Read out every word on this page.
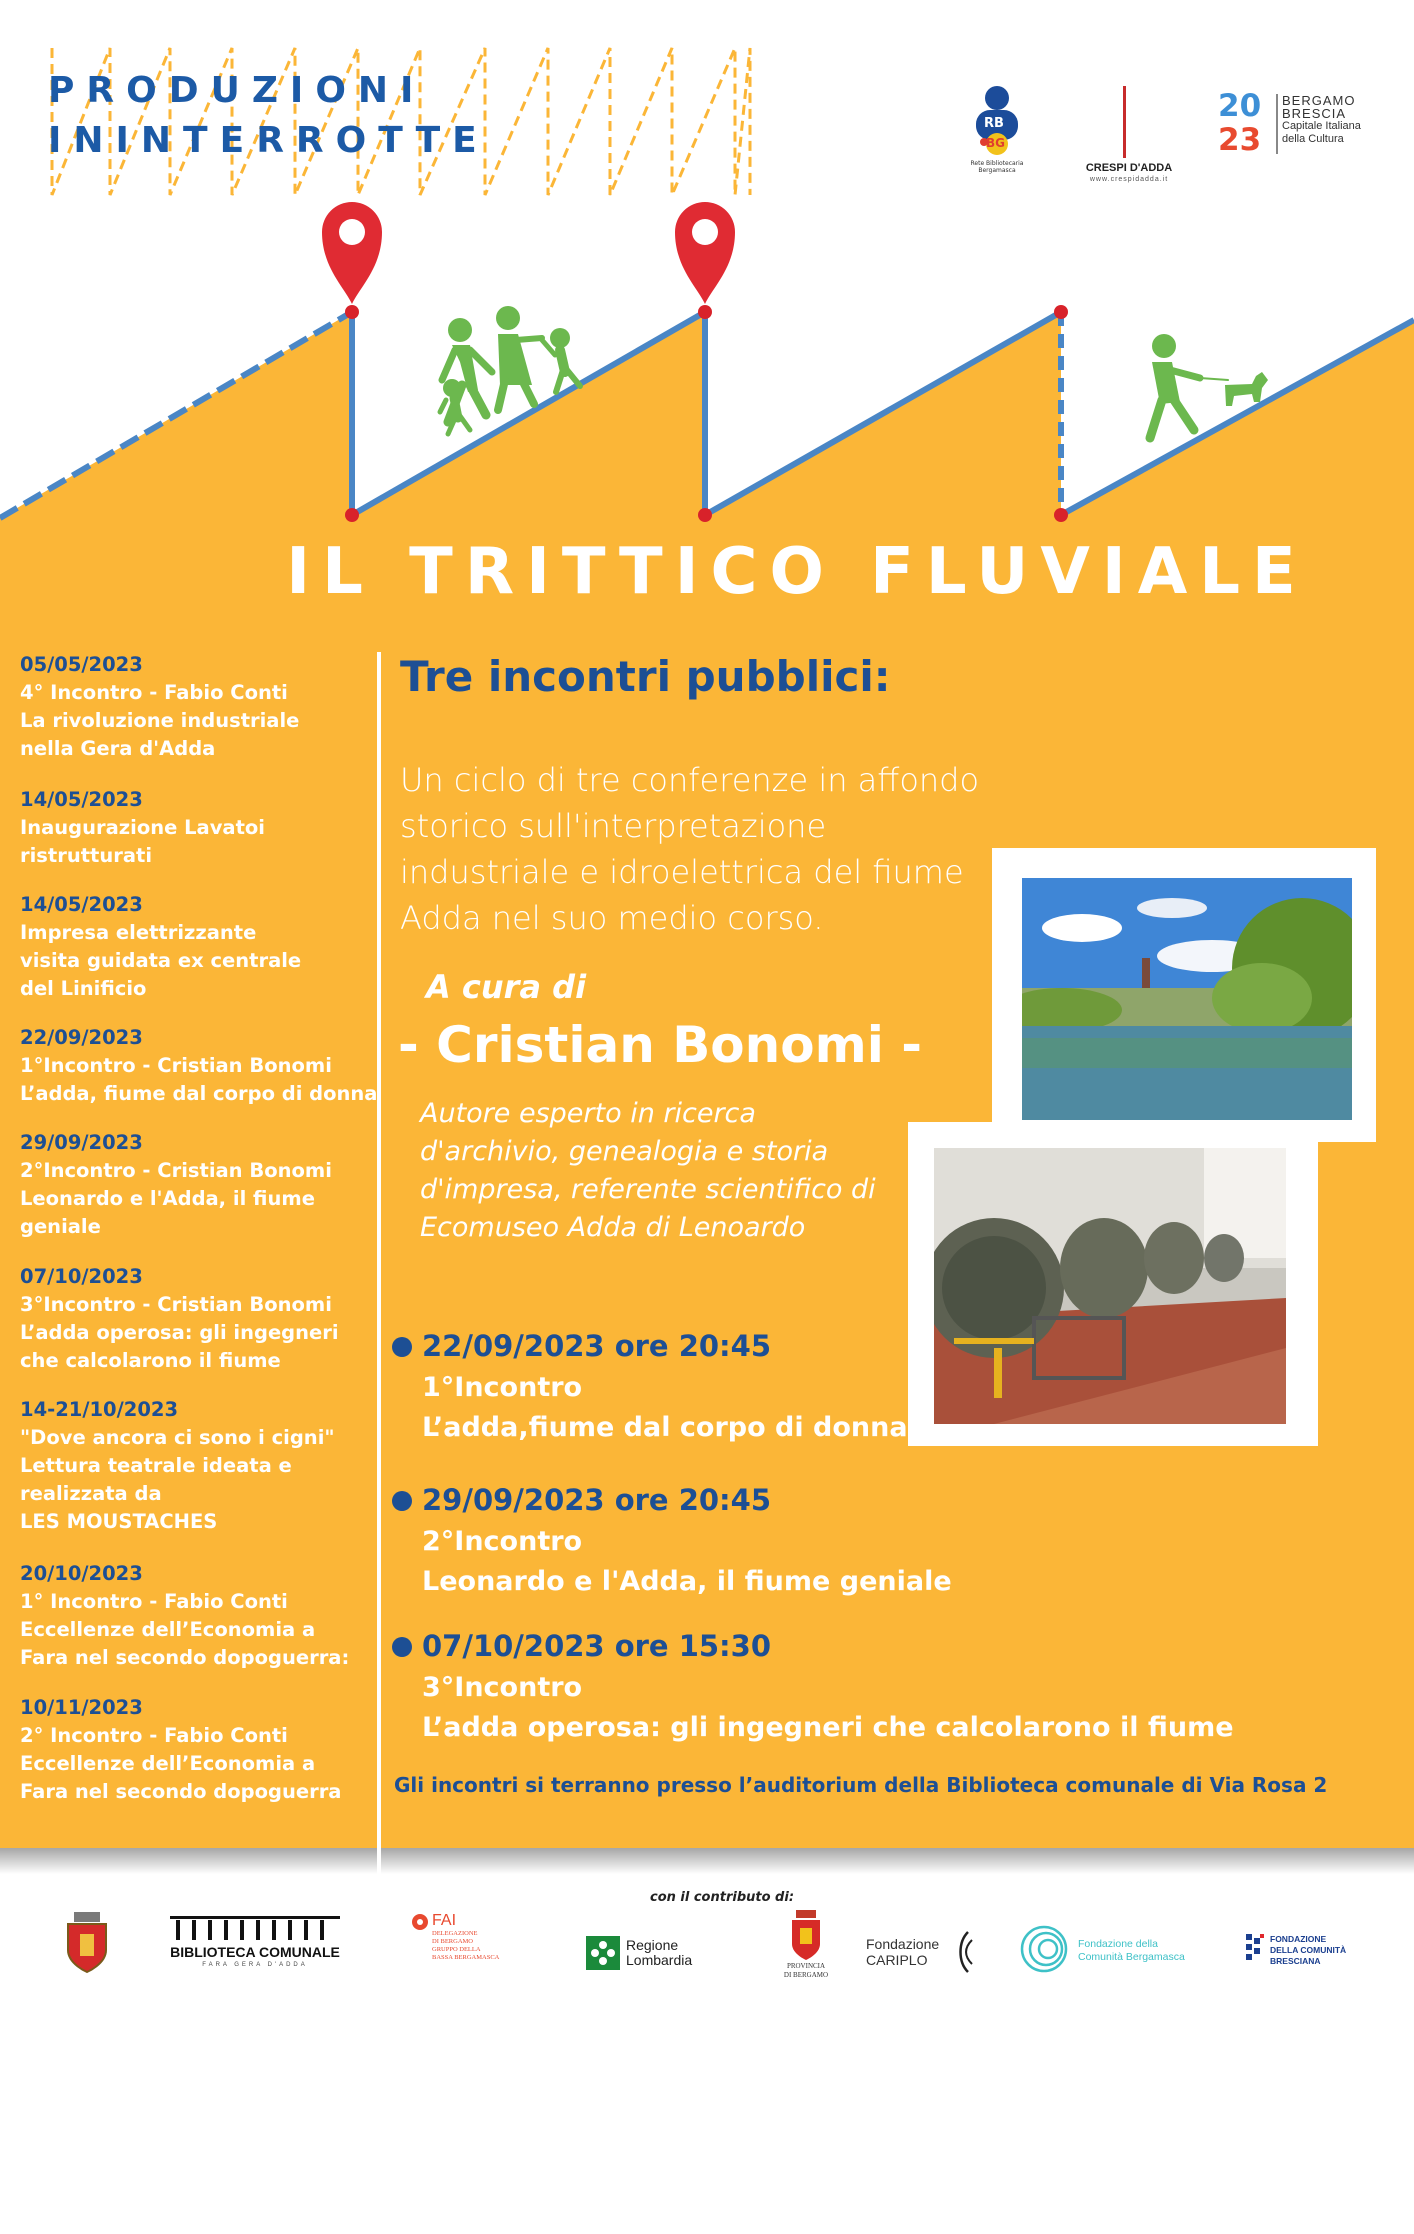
PRODUZIONI
ININTERROTTE	RB
BG
Rete Bibliotecaria
Bergamasca	CRESPI D'ADDA
www.crespidadda.it
20
23
BERGAMO
BRESCIA
Capitale Italiana
della Cultura
IL TRITTICO FLUVIALE
05/05/2023
4° Incontro - Fabio Conti
La rivoluzione industriale
nella Gera d'Adda
14/05/2023
Inaugurazione Lavatoi
ristrutturati
14/05/2023
Impresa elettrizzante
visita guidata ex centrale
del Linificio
22/09/2023
1°Incontro - Cristian Bonomi
L’adda, fiume dal corpo di donna
29/09/2023
2°Incontro - Cristian Bonomi
Leonardo e l'Adda, il fiume
geniale
07/10/2023
3°Incontro - Cristian Bonomi
L’adda operosa: gli ingegneri
che calcolarono il fiume
14-21/10/2023
"Dove ancora ci sono i cigni"
Lettura teatrale ideata e
realizzata da
LES MOUSTACHES
20/10/2023
1° Incontro - Fabio Conti
Eccellenze dell’Economia a
Fara nel secondo dopoguerra:
10/11/2023
2° Incontro - Fabio Conti
Eccellenze dell’Economia a
Fara nel secondo dopoguerra
Tre incontri pubblici:
Un ciclo di tre conferenze in affondo storico sull'interpretazione industriale e idroelettrica del fiume Adda nel suo medio corso.
A cura di
- Cristian Bonomi -
Autore esperto in ricerca d'archivio, genealogia e storia d'impresa, referente scientifico di Ecomuseo Adda di Lenoardo
22/09/2023 ore 20:45
1°Incontro
L’adda,fiume dal corpo di donna
29/09/2023 ore 20:45
2°Incontro
Leonardo e l'Adda, il fiume geniale
07/10/2023 ore 15:30
3°Incontro
L’adda operosa: gli ingegneri che calcolarono il fiume
Gli incontri si terranno presso l’auditorium della Biblioteca comunale di Via Rosa 2
con il contributo di:
BIBLIOTECA COMUNALE
FARA GERA D'ADDA
FAI
DELEGAZIONE
DI BERGAMO
GRUPPO DELLA
BASSA BERGAMASCA
Regione
Lombardia	PROVINCIA
DI BERGAMO
Fondazione
CARIPLO
Fondazione della
Comunità Bergamasca
FONDAZIONE
DELLA COMUNITÀ
BRESCIANA
